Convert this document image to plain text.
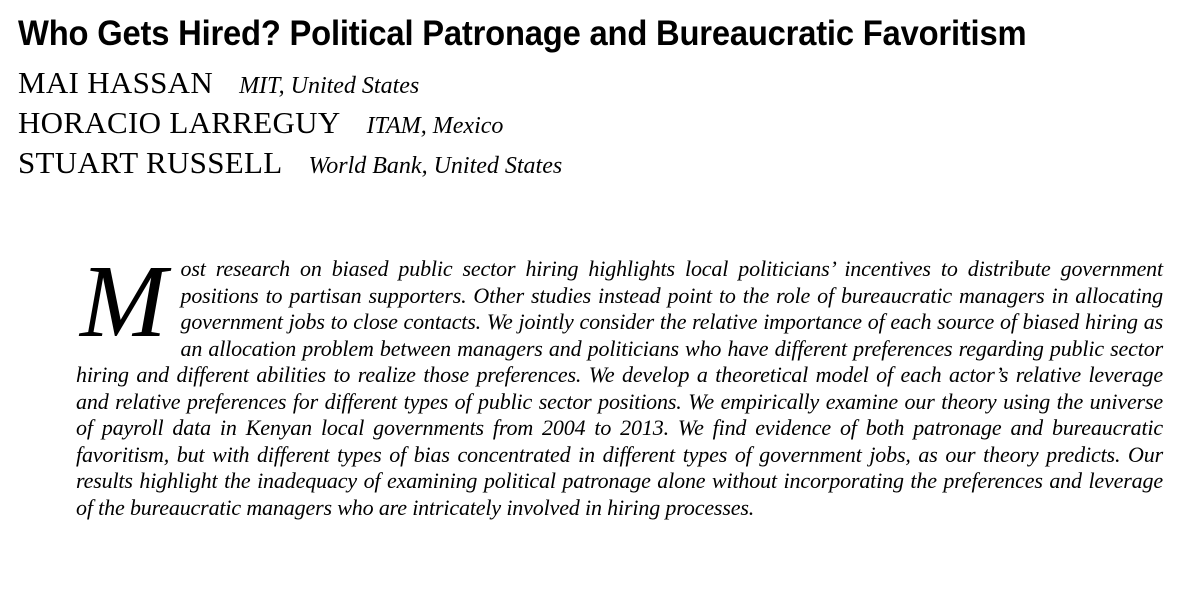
Who Gets Hired? Political Patronage and Bureaucratic Favoritism
MAI HASSAN MIT, United States
HORACIO LARREGUY ITAM, Mexico
STUART RUSSELL World Bank, United States

Most research on biased public sector hiring highlights local politicians’ incentives to distribute government positions to partisan supporters. Other studies instead point to the role of bureaucratic managers in allocating government jobs to close contacts. We jointly consider the relative importance of each source of biased hiring as an allocation problem between managers and politicians who have different preferences regarding public sector hiring and different abilities to realize those preferences. We develop a theoretical model of each actor’s relative leverage and relative preferences for different types of public sector positions. We empirically examine our theory using the universe of payroll data in Kenyan local governments from 2004 to 2013. We find evidence of both patronage and bureaucratic favoritism, but with different types of bias concentrated in different types of government jobs, as our theory predicts. Our results highlight the inadequacy of examining political patronage alone without incorporating the preferences and leverage of the bureaucratic managers who are intricately involved in hiring processes.
